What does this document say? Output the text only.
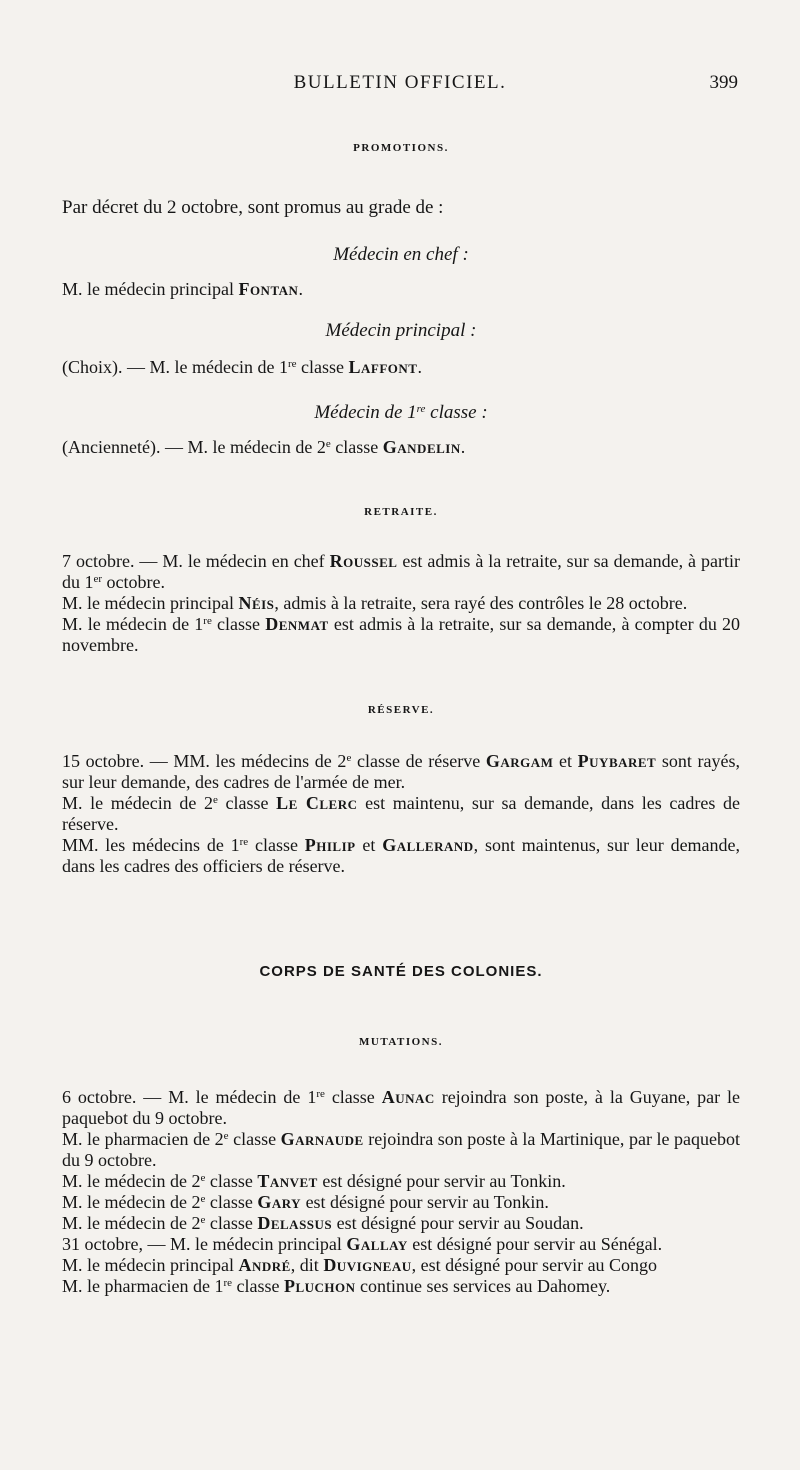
BULLETIN OFFICIEL.	399
PROMOTIONS.

Par décret du 2 octobre, sont promus au grade de :

Médecin en chef :

M. le médecin principal Fontan.

Médecin principal :

(Choix). — M. le médecin de 1re classe Laffont.

Médecin de 1re classe :

(Ancienneté). — M. le médecin de 2e classe Gandelin.

RETRAITE.

7 octobre. — M. le médecin en chef Roussel est admis à la retraite, sur sa demande, à partir du 1er octobre.

M. le médecin principal Néis, admis à la retraite, sera rayé des contrôles le 28 octobre.

M. le médecin de 1re classe Denmat est admis à la retraite, sur sa demande, à compter du 20 novembre.

RÉSERVE.

15 octobre. — MM. les médecins de 2e classe de réserve Gargam et Puybaret sont rayés, sur leur demande, des cadres de l'armée de mer.

M. le médecin de 2e classe Le Clerc est maintenu, sur sa demande, dans les cadres de réserve.

MM. les médecins de 1re classe Philip et Gallerand, sont maintenus, sur leur demande, dans les cadres des officiers de réserve.

CORPS DE SANTÉ DES COLONIES.
MUTATIONS.

6 octobre. — M. le médecin de 1re classe Aunac rejoindra son poste, à la Guyane, par le paquebot du 9 octobre.

M. le pharmacien de 2e classe Garnaude rejoindra son poste à la Martinique, par le paquebot du 9 octobre.

M. le médecin de 2e classe Tanvet est désigné pour servir au Tonkin.

M. le médecin de 2e classe Gary est désigné pour servir au Tonkin.

M. le médecin de 2e classe Delassus est désigné pour servir au Soudan.

31 octobre, — M. le médecin principal Gallay est désigné pour servir au Sénégal.

M. le médecin principal André, dit Duvigneau, est désigné pour servir au Congo

M. le pharmacien de 1re classe Pluchon continue ses services au Dahomey.
